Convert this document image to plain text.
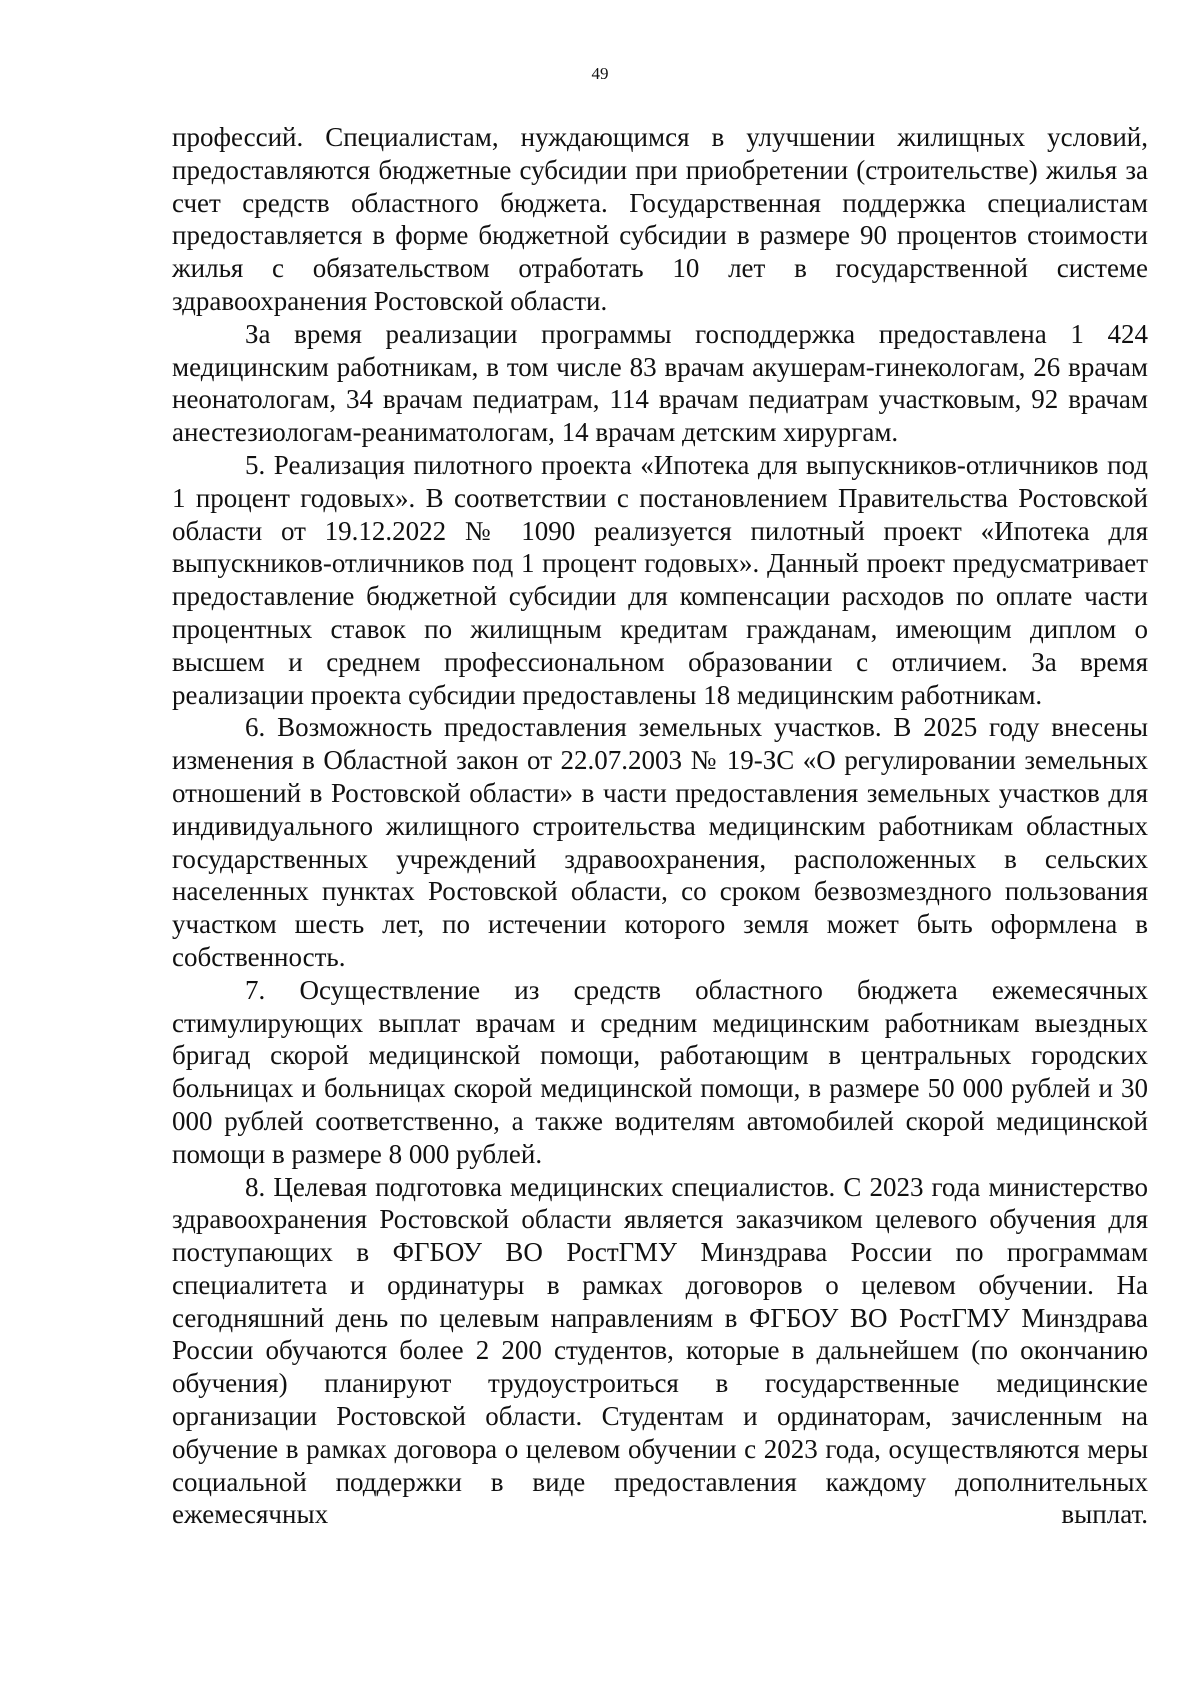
49

профессий. Специалистам, нуждающимся в улучшении жилищных условий, предоставляются бюджетные субсидии при приобретении (строительстве) жилья за счет средств областного бюджета. Государственная поддержка специалистам предоставляется в форме бюджетной субсидии в размере 90 процентов стоимости жилья с обязательством отработать 10 лет в государственной системе здравоохранения Ростовской области.

За время реализации программы господдержка предоставлена 1 424 медицинским работникам, в том числе 83 врачам акушерам-гинекологам, 26 врачам неонатологам, 34 врачам педиатрам, 114 врачам педиатрам участковым, 92 врачам анестезиологам-реаниматологам, 14 врачам детским хирургам.

5. Реализация пилотного проекта «Ипотека для выпускников-отличников под 1 процент годовых». В соответствии с постановлением Правительства Ростовской области от 19.12.2022 № 1090 реализуется пилотный проект «Ипотека для выпускников-отличников под 1 процент годовых». Данный проект предусматривает предоставление бюджетной субсидии для компенсации расходов по оплате части процентных ставок по жилищным кредитам гражданам, имеющим диплом о высшем и среднем профессиональном образовании с отличием. За время реализации проекта субсидии предоставлены 18 медицинским работникам.

6. Возможность предоставления земельных участков. В 2025 году внесены изменения в Областной закон от 22.07.2003 № 19-ЗС «О регулировании земельных отношений в Ростовской области» в части предоставления земельных участков для индивидуального жилищного строительства медицинским работникам областных государственных учреждений здравоохранения, расположенных в сельских населенных пунктах Ростовской области, со сроком безвозмездного пользования участком шесть лет, по истечении которого земля может быть оформлена в собственность.

7. Осуществление из средств областного бюджета ежемесячных стимулирующих выплат врачам и средним медицинским работникам выездных бригад скорой медицинской помощи, работающим в центральных городских больницах и больницах скорой медицинской помощи, в размере 50 000 рублей и 30 000 рублей соответственно, а также водителям автомобилей скорой медицинской помощи в размере 8 000 рублей.

8. Целевая подготовка медицинских специалистов. С 2023 года министерство здравоохранения Ростовской области является заказчиком целевого обучения для поступающих в ФГБОУ ВО РостГМУ Минздрава России по программам специалитета и ординатуры в рамках договоров о целевом обучении. На сегодняшний день по целевым направлениям в ФГБОУ ВО РостГМУ Минздрава России обучаются более 2 200 студентов, которые в дальнейшем (по окончанию обучения) планируют трудоустроиться в государственные медицинские организации Ростовской области. Студентам и ординаторам, зачисленным на обучение в рамках договора о целевом обучении с 2023 года, осуществляются меры социальной поддержки в виде предоставления каждому дополнительных ежемесячных выплат.
